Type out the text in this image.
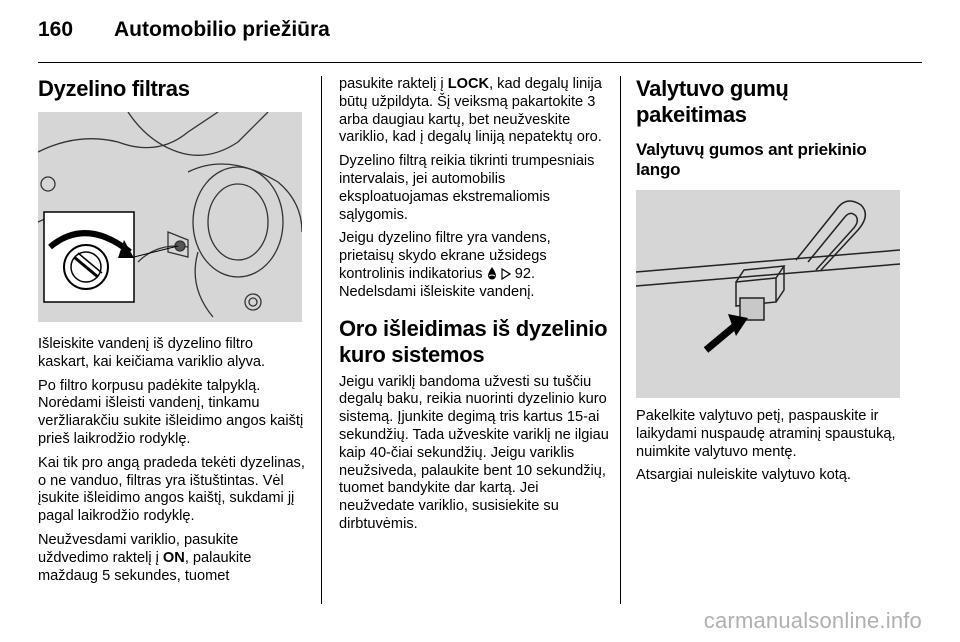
160 Automobilio priežiūra
Dyzelino filtras

Išleiskite vandenį iš dyzelino filtro kaskart, kai keičiama variklio alyva.

Po filtro korpusu padėkite talpyklą. Norėdami išleisti vandenį, tinkamu veržliarakčiu sukite išleidimo angos kaištį prieš laikrodžio rodyklę.

Kai tik pro angą pradeda tekėti dyzelinas, o ne vanduo, filtras yra ištuštintas. Vėl įsukite išleidimo angos kaištį, sukdami jį pagal laikrodžio rodyklę.

Neužvesdami variklio, pasukite uždvedimo raktelį į ON, palaukite maždaug 5 sekundes, tuomet

pasukite raktelį į LOCK, kad degalų linija būtų užpildyta. Šį veiksmą pakartokite 3 arba daugiau kartų, bet neužveskite variklio, kad į degalų liniją nepatektų oro.

Dyzelino filtrą reikia tikrinti trumpesniais intervalais, jei automobilis eksploatuojamas ekstremaliomis sąlygomis.

Jeigu dyzelino filtre yra vandens, prietaisų skydo ekrane užsidegs kontrolinis indikatorius   92.

Nedelsdami išleiskite vandenį.

Oro išleidimas iš dyzelinio kuro sistemos

Jeigu variklį bandoma užvesti su tuščiu degalų baku, reikia nuorinti dyzelinio kuro sistemą. Įjunkite degimą tris kartus 15-ai sekundžių. Tada užveskite variklį ne ilgiau kaip 40-čiai sekundžių. Jeigu variklis neužsiveda, palaukite bent 10 sekundžių, tuomet bandykite dar kartą. Jei neužvedate variklio, susisiekite su dirbtuvėmis.

Valytuvo gumų pakeitimas
Valytuvų gumos ant priekinio lango

Pakelkite valytuvo petį, paspauskite ir laikydami nuspaudę atraminį spaustuką, nuimkite valytuvo mentę.

Atsargiai nuleiskite valytuvo kotą.

carmanualsonline.info
